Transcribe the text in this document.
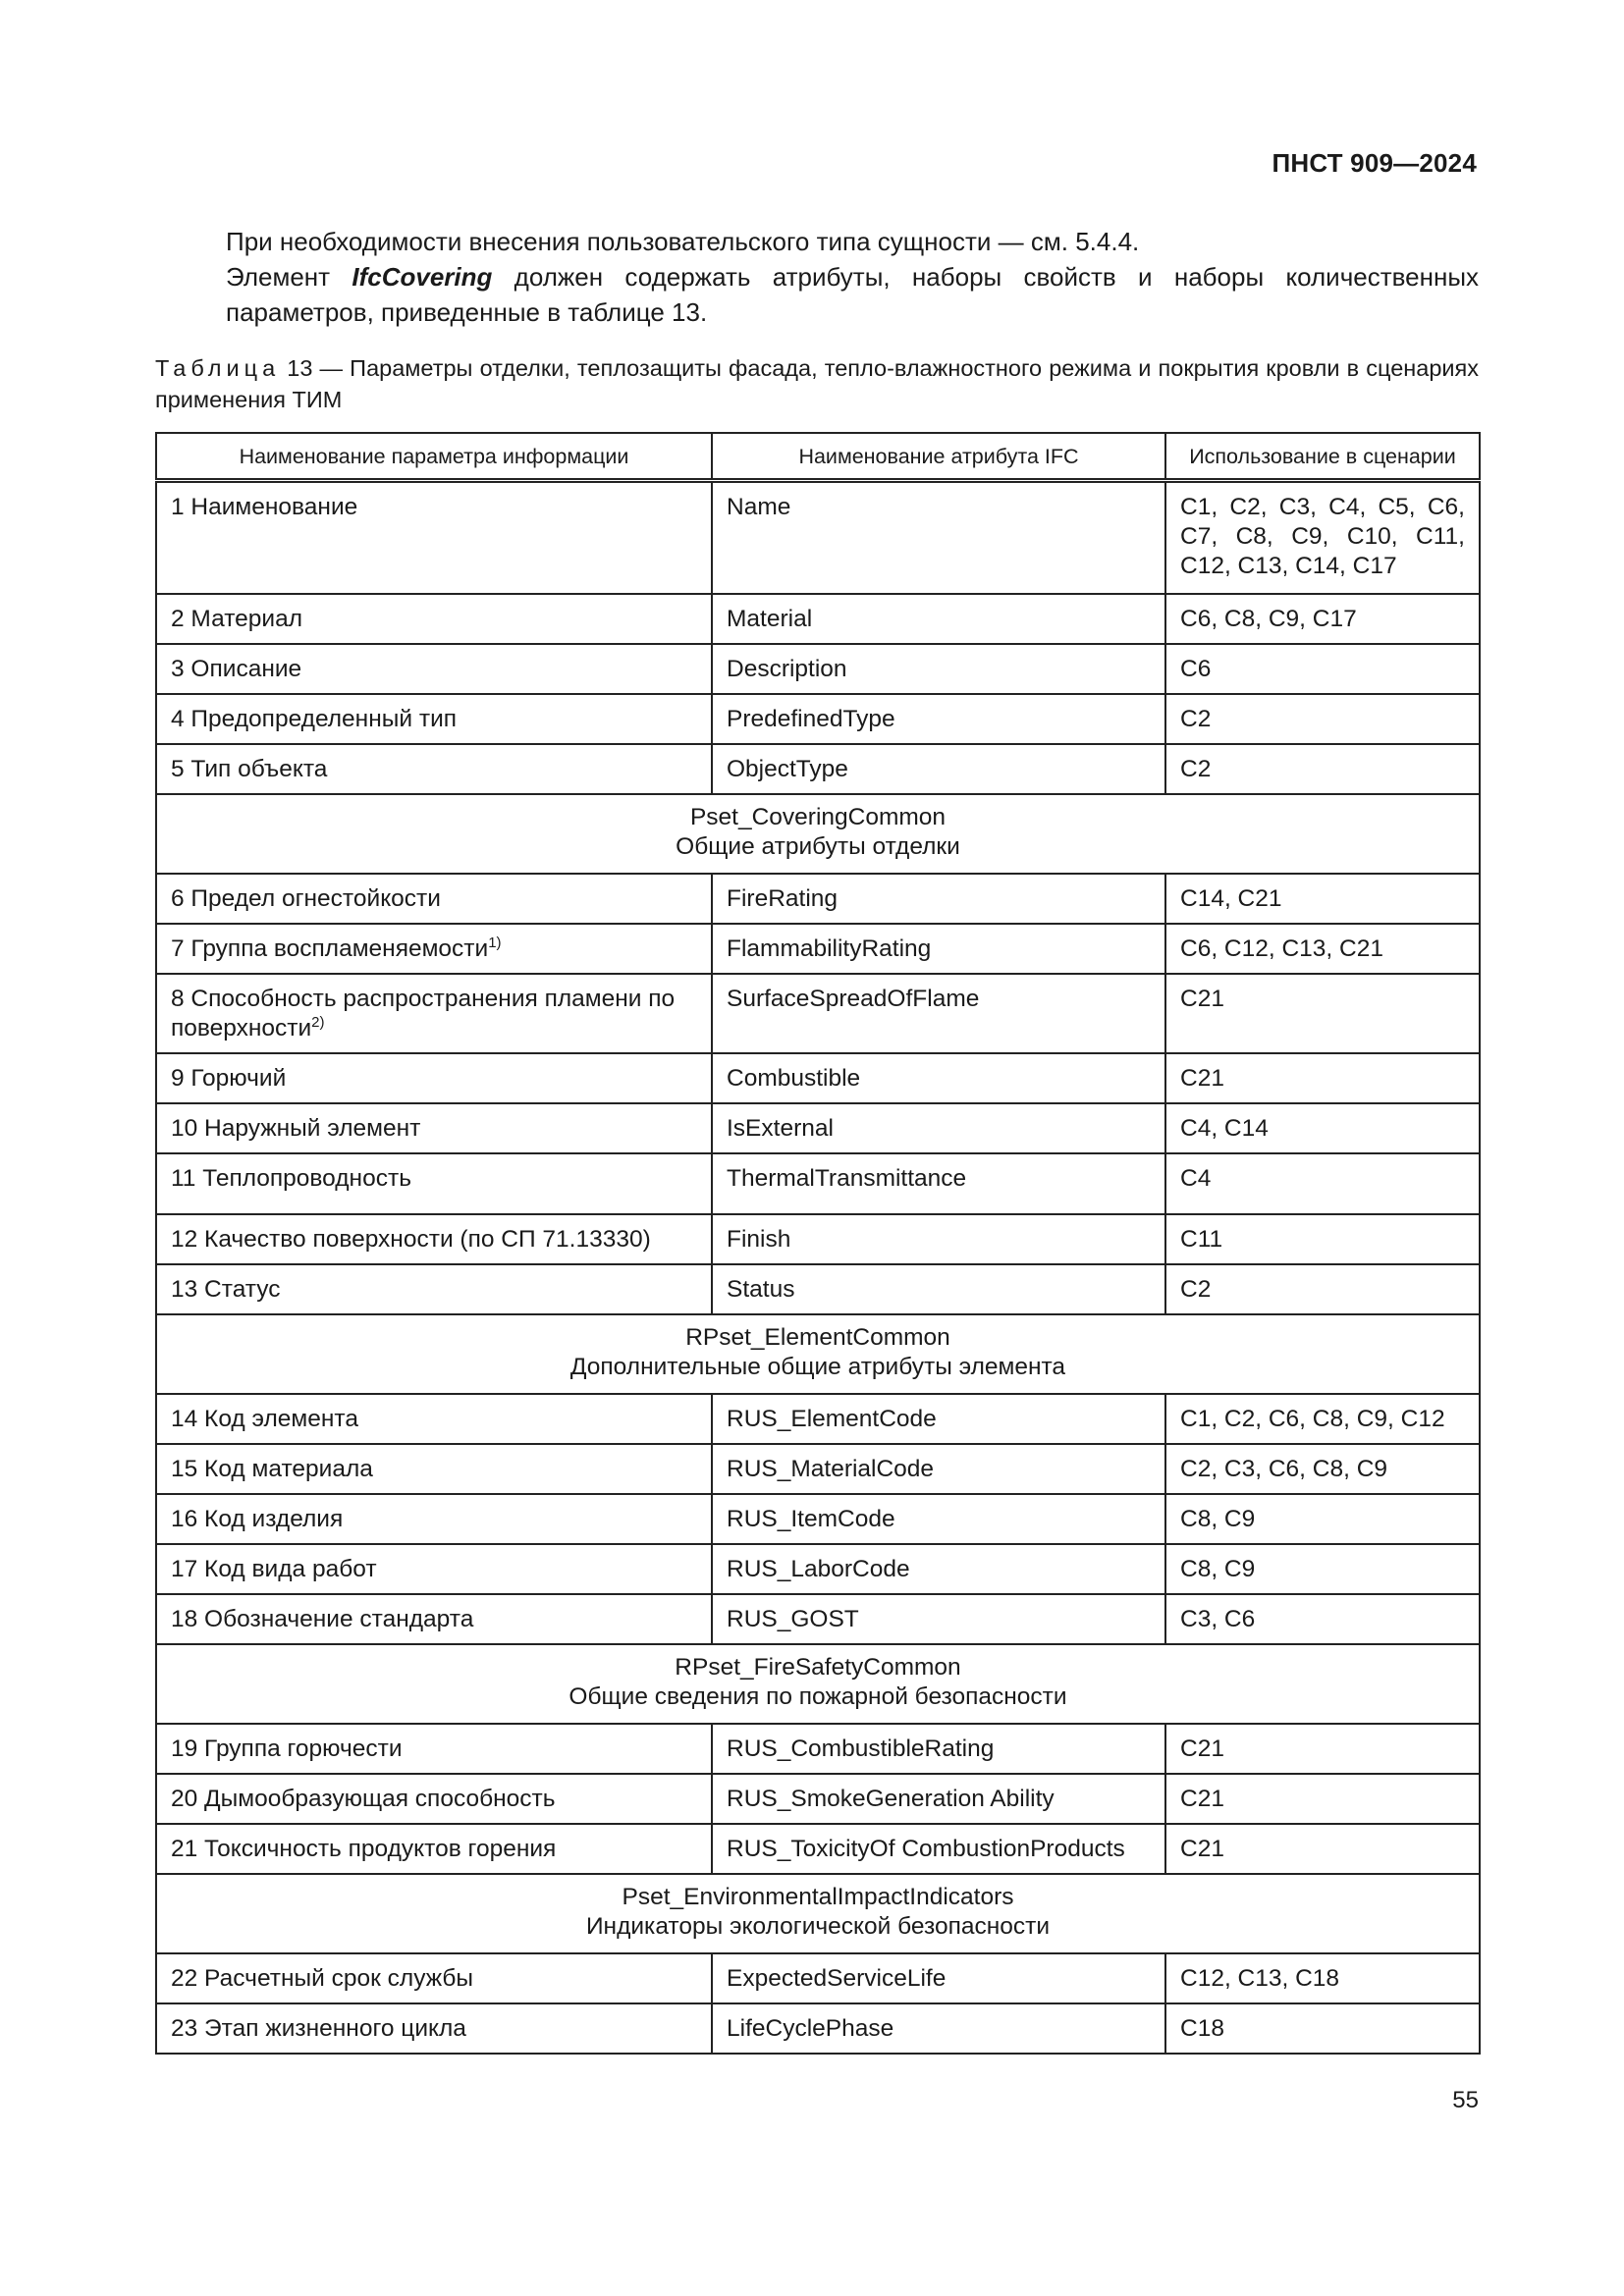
ПНСТ 909—2024
При необходимости внесения пользовательского типа сущности — см. 5.4.4.
Элемент IfcCovering должен содержать атрибуты, наборы свойств и наборы количественных параметров, приведенные в таблице 13.
Таблица 13 — Параметры отделки, теплозащиты фасада, тепло-влажностного режима и покрытия кровли в сценариях применения ТИМ
Наименование параметра информации	Наименование атрибута IFC	Использование в сценарии
1 Наименование	Name	С1, С2, С3, С4, С5, С6, С7, С8, С9, С10, С11, С12, С13, С14, С17
2 Материал	Material	С6, С8, С9, С17
3 Описание	Description	С6
4 Предопределенный тип	PredefinedType	С2
5 Тип объекта	ObjectType	С2

Pset_CoveringCommon
Общие атрибуты отделки		

6 Предел огнестойкости	FireRating	С14, С21
7 Группа воспламеняемости$^{1)}$	FlammabilityRating	С6, С12, С13, С21
8 Способность распространения пламени по поверхности$^{2)}$	SurfaceSpreadOfFlame	С21
9 Горючий	Combustible	С21
10 Наружный элемент	IsExternal	С4, С14
11 Теплопроводность	ThermalTransmittance	С4
12 Качество поверхности (по СП 71.13330)	Finish	С11
13 Статус	Status	С2

RPset_ElementCommon
Дополнительные общие атрибуты элемента		

14 Код элемента	RUS_ElementCode	С1, С2, С6, С8, С9, С12
15 Код материала	RUS_MaterialCode	С2, С3, С6, С8, С9
16 Код изделия	RUS_ItemCode	С8, С9
17 Код вида работ	RUS_LaborCode	С8, С9
18 Обозначение стандарта	RUS_GOST	С3, С6

RPset_FireSafetyCommon
Общие сведения по пожарной безопасности		

19 Группа горючести	RUS_CombustibleRating	С21
20 Дымообразующая способность	RUS_SmokeGeneration Ability	С21
21 Токсичность продуктов горения	RUS_ToxicityOf CombustionProducts	С21

Pset_EnvironmentalImpactIndicators
Индикаторы экологической безопасности		

22 Расчетный срок службы	ExpectedServiceLife	С12, С13, С18
23 Этап жизненного цикла	LifeCyclePhase	С18
55
